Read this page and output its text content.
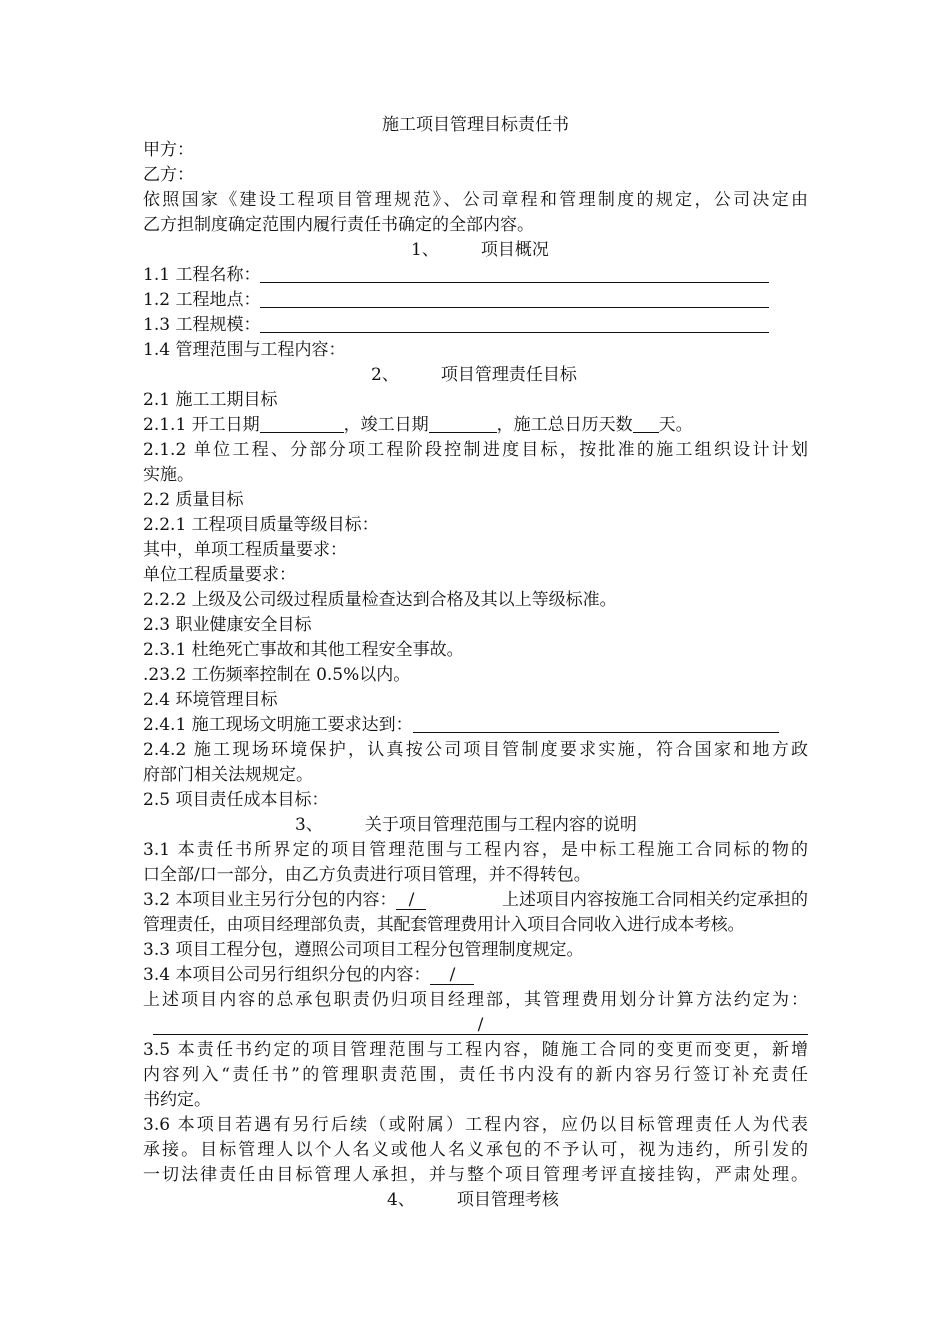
施工项目管理目标责任书
甲方：
乙方：
依照国家《建设工程项目管理规范》、公司章程和管理制度的规定，公司决定由
乙方担制度确定范围内履行责任书确定的全部内容。
1、 项目概况
1.1 工程名称：
1.2 工程地点：
1.3 工程规模：
1.4 管理范围与工程内容：
2、 项目管理责任目标
2.1 施工工期目标
2.1.1 开工日期	，竣工日期	，施工总日历天数 天。
2.1.2 单位工程、分部分项工程阶段控制进度目标，按批准的施工组织设计计划
实施。
2.2 质量目标
2.2.1 工程项目质量等级目标：
其中，单项工程质量要求：
单位工程质量要求：
2.2.2 上级及公司级过程质量检查达到合格及其以上等级标准。
2.3 职业健康安全目标
2.3.1 杜绝死亡事故和其他工程安全事故。
.23.2 工伤频率控制在 0.5%以内。
2.4 环境管理目标
2.4.1 施工现场文明施工要求达到：
2.4.2 施工现场环境保护，认真按公司项目管制度要求实施，符合国家和地方政
府部门相关法规规定。
2.5 项目责任成本目标：
3、 关于项目管理范围与工程内容的说明
3.1 本责任书所界定的项目管理范围与工程内容，是中标工程施工合同标的物的
口全部/口一部分，由乙方负责进行项目管理，并不得转包。
3.2 本项目业主另行分包的内容： /	上述项目内容按施工合同相关约定承担的
管理责任，由项目经理部负责，其配套管理费用计入项目合同收入进行成本考核。
3.3 项目工程分包，遵照公司项目工程分包管理制度规定。
3.4 本项目公司另行组织分包的内容： /
上述项目内容的总承包职责仍归项目经理部，其管理费用划分计算方法约定为：
/
3.5 本责任书约定的项目管理范围与工程内容，随施工合同的变更而变更，新增
内容列入“责任书”的管理职责范围，责任书内没有的新内容另行签订补充责任
书约定。
3.6 本项目若遇有另行后续（或附属）工程内容，应仍以目标管理责任人为代表
承接。目标管理人以个人名义或他人名义承包的不予认可，视为违约，所引发的
一切法律责任由目标管理人承担，并与整个项目管理考评直接挂钩，严肃处理。
4、 项目管理考核
